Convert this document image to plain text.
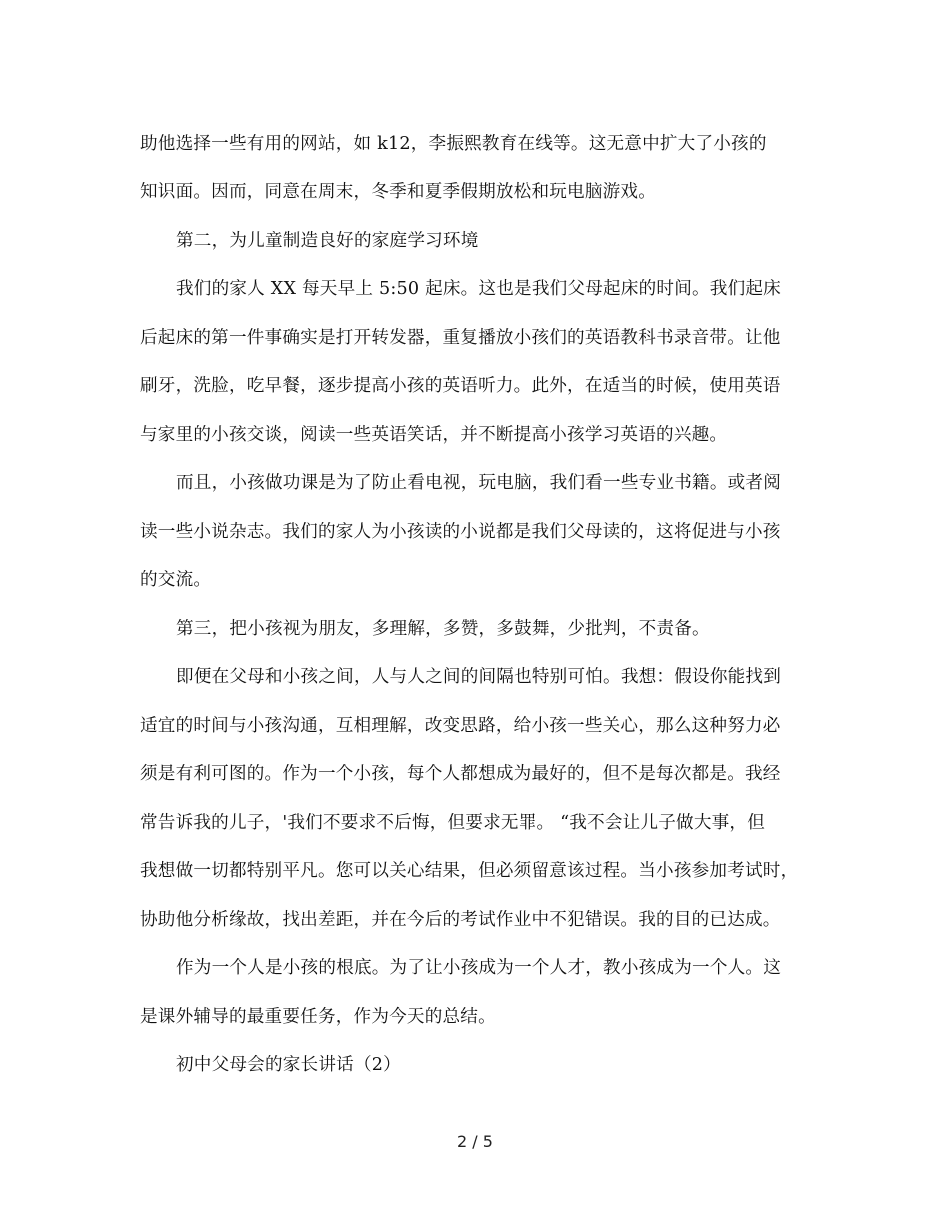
助他选择一些有用的网站，如 k12，李振熙教育在线等。这无意中扩大了小孩的
知识面。因而，同意在周末，冬季和夏季假期放松和玩电脑游戏。
第二，为儿童制造良好的家庭学习环境
我们的家人 XX 每天早上 5:50 起床。这也是我们父母起床的时间。我们起床
后起床的第一件事确实是打开转发器，重复播放小孩们的英语教科书录音带。让他
刷牙，洗脸，吃早餐，逐步提高小孩的英语听力。此外，在适当的时候，使用英语
与家里的小孩交谈，阅读一些英语笑话，并不断提高小孩学习英语的兴趣。
而且，小孩做功课是为了防止看电视，玩电脑，我们看一些专业书籍。或者阅
读一些小说杂志。我们的家人为小孩读的小说都是我们父母读的，这将促进与小孩
的交流。
第三，把小孩视为朋友，多理解，多赞，多鼓舞，少批判，不责备。
即便在父母和小孩之间，人与人之间的间隔也特别可怕。我想：假设你能找到
适宜的时间与小孩沟通，互相理解，改变思路，给小孩一些关心，那么这种努力必
须是有利可图的。作为一个小孩，每个人都想成为最好的，但不是每次都是。我经
常告诉我的儿子，'我们不要求不后悔，但要求无罪。 “我不会让儿子做大事，但
我想做一切都特别平凡。您可以关心结果，但必须留意该过程。当小孩参加考试时，
协助他分析缘故，找出差距，并在今后的考试作业中不犯错误。我的目的已达成。
作为一个人是小孩的根底。为了让小孩成为一个人才，教小孩成为一个人。这
是课外辅导的最重要任务，作为今天的总结。
初中父母会的家长讲话（2）
2 / 5
